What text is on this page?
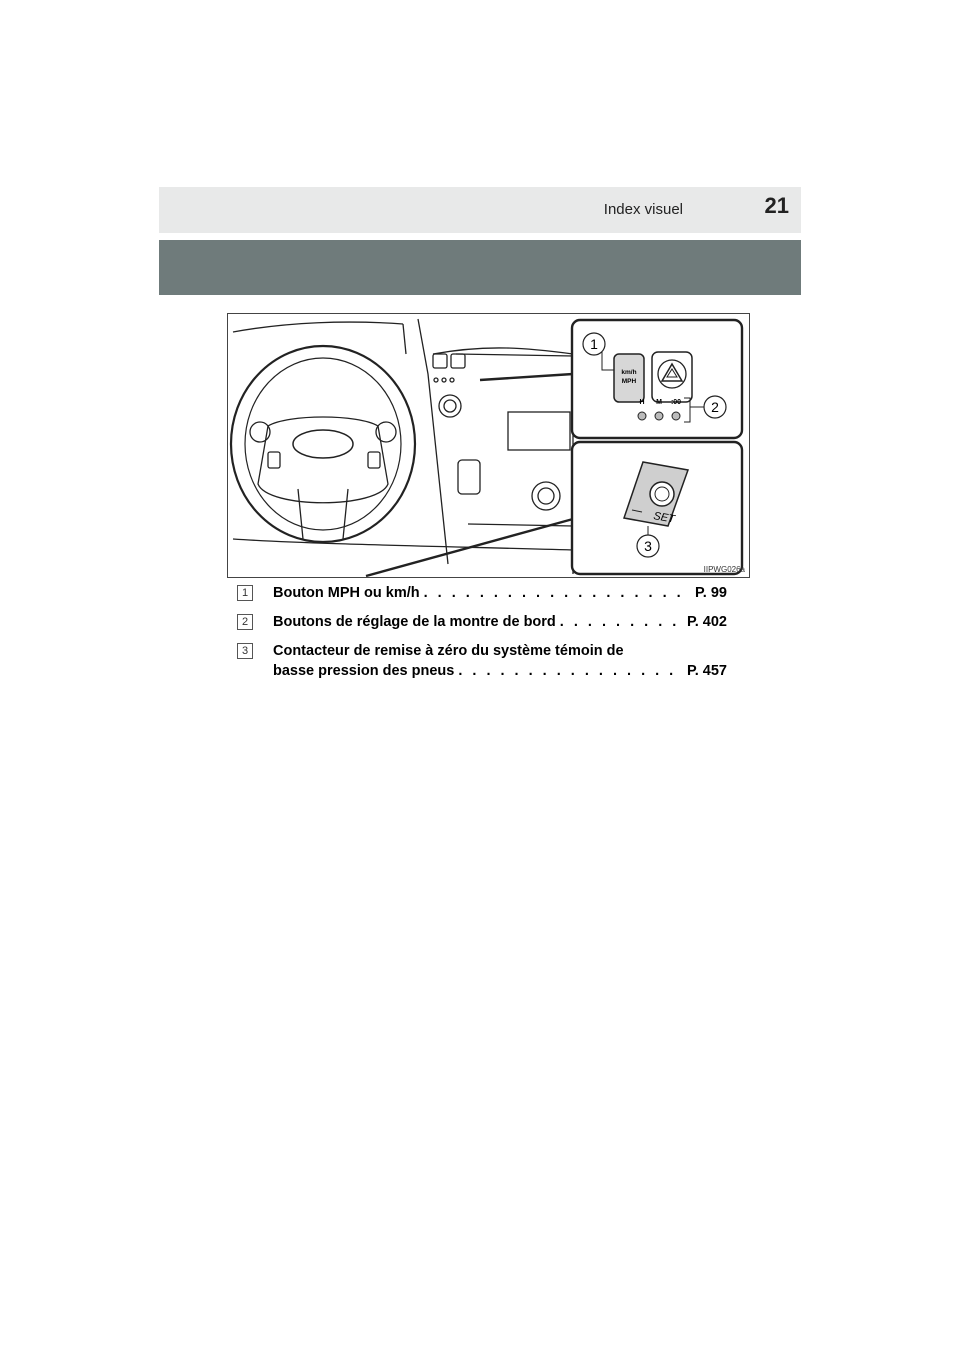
Index visuel	21
km/h
MPH
H M :00
1
2
SET
3
IIPWG026a
1	Bouton MPH ou km/h . . .	P. 99
2	Boutons de réglage de la montre de bord . . .	P. 402
3	Contacteur de remise à zéro du système témoin de
basse pression des pneus . . .	P. 457
